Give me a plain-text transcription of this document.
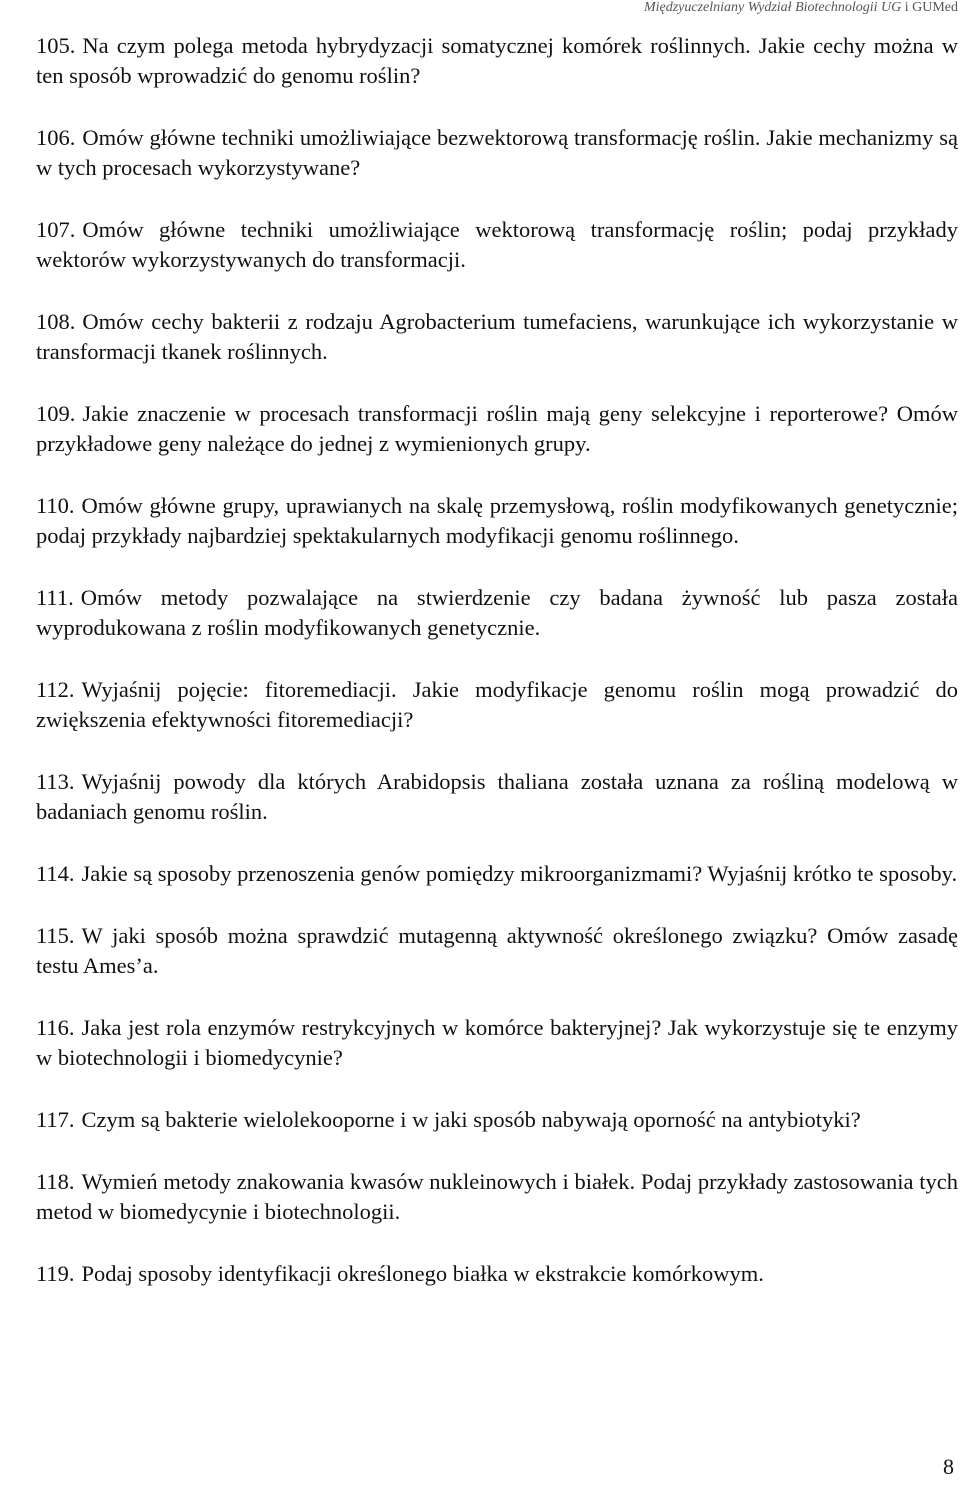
Międzyuczelniany Wydział Biotechnologii UG i GUMed
105. Na czym polega metoda hybrydyzacji somatycznej komórek roślinnych. Jakie cechy można w ten sposób wprowadzić do genomu roślin?
106. Omów główne techniki umożliwiające bezwektorową transformację roślin. Jakie mechanizmy są w tych procesach wykorzystywane?
107. Omów główne techniki umożliwiające wektorową transformację roślin; podaj przykłady wektorów wykorzystywanych do transformacji.
108. Omów cechy bakterii z rodzaju Agrobacterium tumefaciens, warunkujące ich wykorzystanie w transformacji tkanek roślinnych.
109. Jakie znaczenie w procesach transformacji roślin mają geny selekcyjne i reporterowe? Omów przykładowe geny należące do jednej z wymienionych grupy.
110. Omów główne grupy, uprawianych na skalę przemysłową, roślin modyfikowanych genetycznie; podaj przykłady najbardziej spektakularnych modyfikacji genomu roślinnego.
111. Omów metody pozwalające na stwierdzenie czy badana żywność lub pasza została wyprodukowana z roślin modyfikowanych genetycznie.
112. Wyjaśnij pojęcie: fitoremediacji. Jakie modyfikacje genomu roślin mogą prowadzić do zwiększenia efektywności fitoremediacji?
113. Wyjaśnij powody dla których Arabidopsis thaliana została uznana za rośliną modelową w badaniach genomu roślin.
114. Jakie są sposoby przenoszenia genów pomiędzy mikroorganizmami? Wyjaśnij krótko te sposoby.
115. W jaki sposób można sprawdzić mutagenną aktywność określonego związku? Omów zasadę testu Ames’a.
116. Jaka jest rola enzymów restrykcyjnych w komórce bakteryjnej? Jak wykorzystuje się te enzymy w biotechnologii i biomedycynie?
117. Czym są bakterie wielolekooporne i w jaki sposób nabywają oporność na antybiotyki?
118. Wymień metody znakowania kwasów nukleinowych i białek. Podaj przykłady zastosowania tych metod w biomedycynie i biotechnologii.
119. Podaj sposoby identyfikacji określonego białka w ekstrakcie komórkowym.
8
